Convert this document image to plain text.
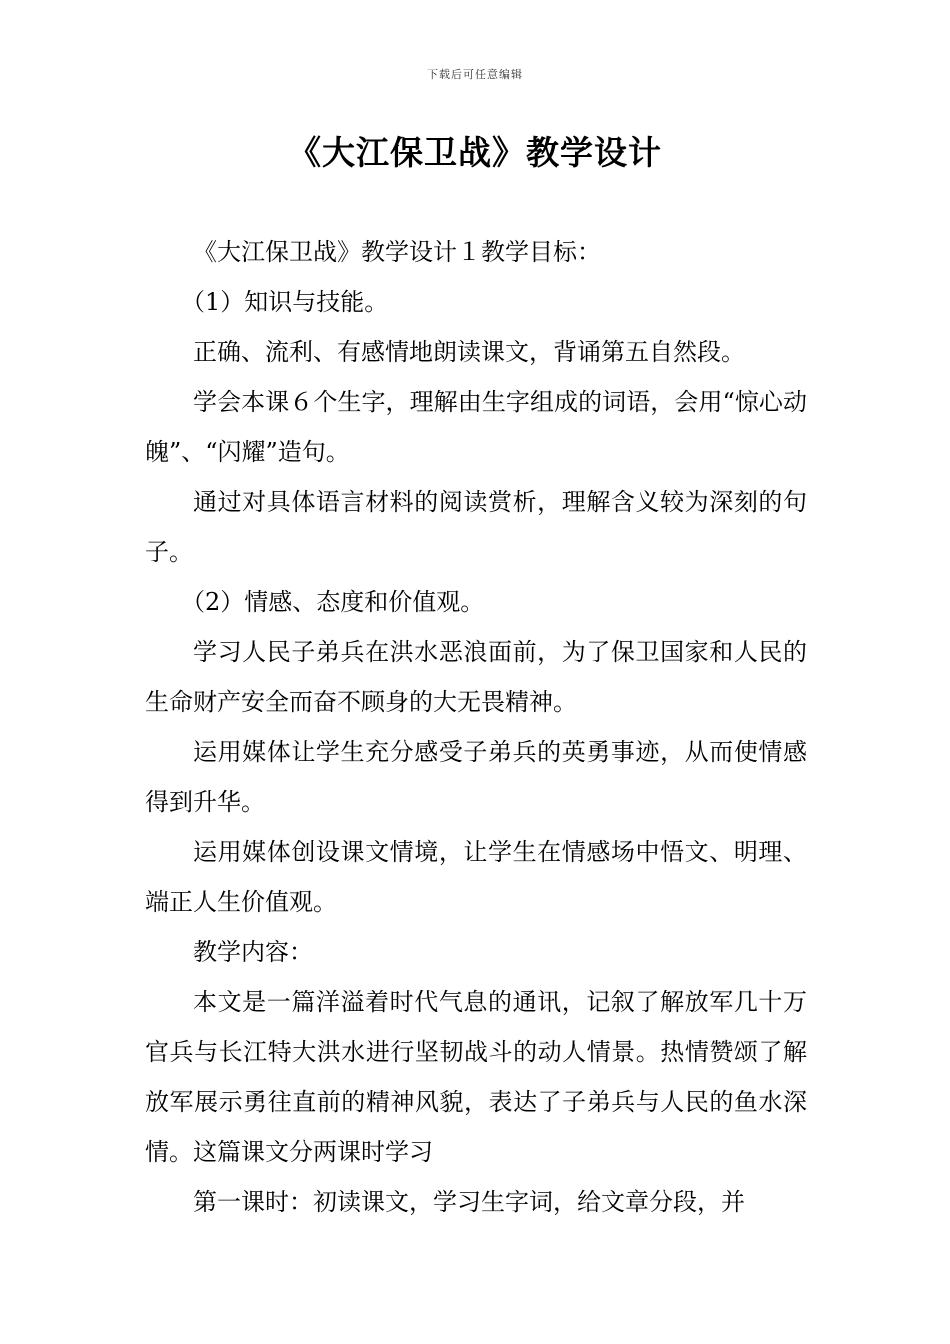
下载后可任意编辑
《大江保卫战》教学设计

《大江保卫战》教学设计１教学目标：

（1）知识与技能。

正确、流利、有感情地朗读课文，背诵第五自然段。

学会本课６个生字，理解由生字组成的词语，会用“惊心动魄”、“闪耀”造句。

通过对具体语言材料的阅读赏析，理解含义较为深刻的句子。

（2）情感、态度和价值观。

学习人民子弟兵在洪水恶浪面前，为了保卫国家和人民的生命财产安全而奋不顾身的大无畏精神。

运用媒体让学生充分感受子弟兵的英勇事迹，从而使情感得到升华。

运用媒体创设课文情境，让学生在情感场中悟文、明理、端正人生价值观。

教学内容：

本文是一篇洋溢着时代气息的通讯，记叙了解放军几十万官兵与长江特大洪水进行坚韧战斗的动人情景。热情赞颂了解放军展示勇往直前的精神风貌，表达了子弟兵与人民的鱼水深情。这篇课文分两课时学习

第一课时：初读课文，学习生字词，给文章分段，并
